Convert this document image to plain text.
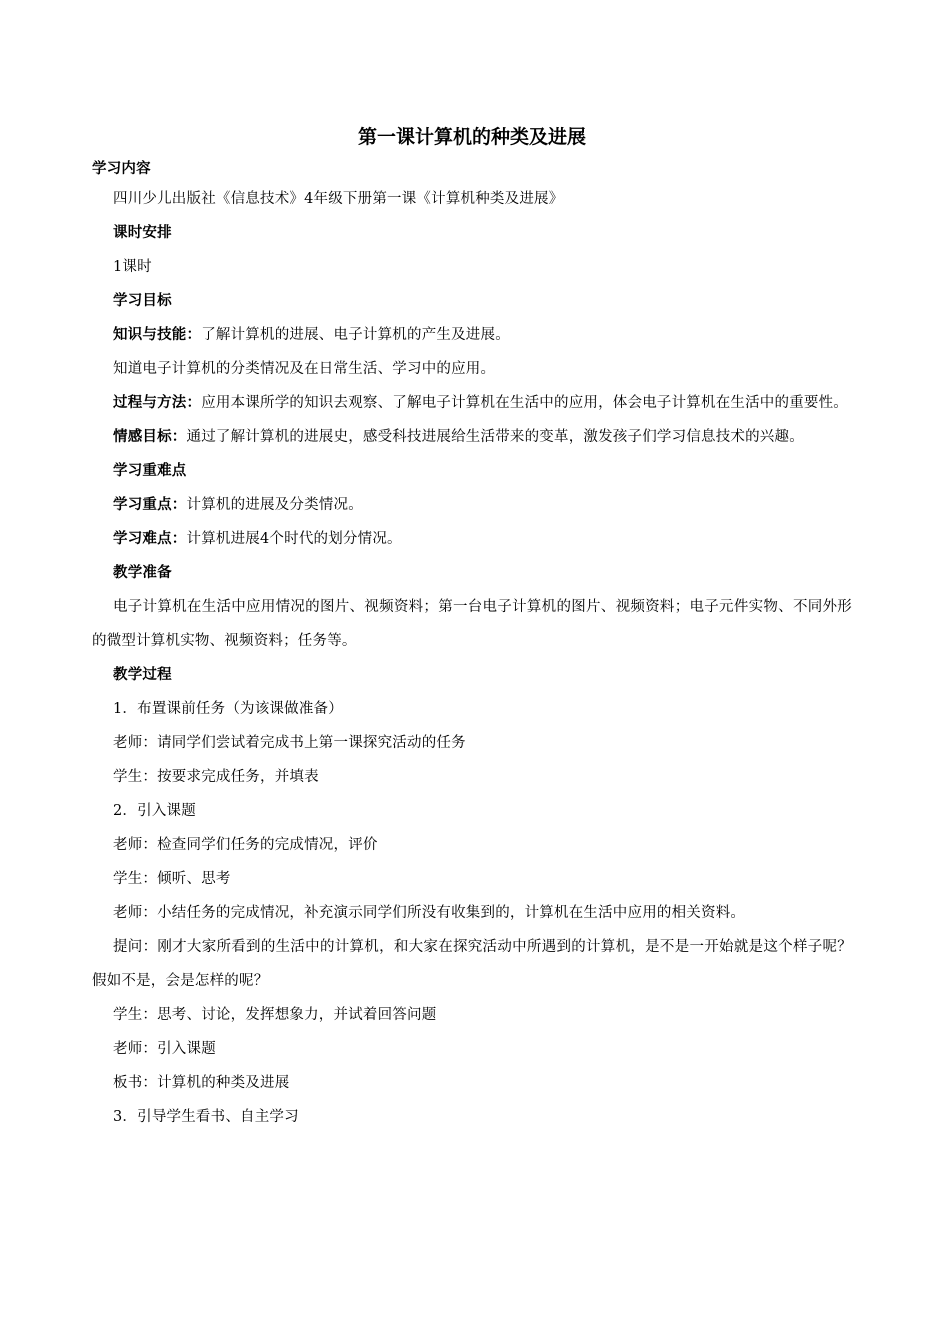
第一课计算机的种类及进展

学习内容

四川少儿出版社《信息技术》4年级下册第一课《计算机种类及进展》

课时安排

1课时

学习目标

知识与技能：了解计算机的进展、电子计算机的产生及进展。

知道电子计算机的分类情况及在日常生活、学习中的应用。

过程与方法：应用本课所学的知识去观察、了解电子计算机在生活中的应用，体会电子计算机在生活中的重要性。

情感目标：通过了解计算机的进展史，感受科技进展给生活带来的变革，激发孩子们学习信息技术的兴趣。

学习重难点

学习重点：计算机的进展及分类情况。

学习难点：计算机进展4个时代的划分情况。

教学准备

电子计算机在生活中应用情况的图片、视频资料；第一台电子计算机的图片、视频资料；电子元件实物、不同外形的微型计算机实物、视频资料；任务等。

教学过程

1．布置课前任务（为该课做准备）

老师：请同学们尝试着完成书上第一课探究活动的任务

学生：按要求完成任务，并填表

2．引入课题

老师：检查同学们任务的完成情况，评价

学生：倾听、思考

老师：小结任务的完成情况，补充演示同学们所没有收集到的，计算机在生活中应用的相关资料。

提问：刚才大家所看到的生活中的计算机，和大家在探究活动中所遇到的计算机，是不是一开始就是这个样子呢？假如不是，会是怎样的呢？

学生：思考、讨论，发挥想象力，并试着回答问题

老师：引入课题

板书：计算机的种类及进展

3．引导学生看书、自主学习
